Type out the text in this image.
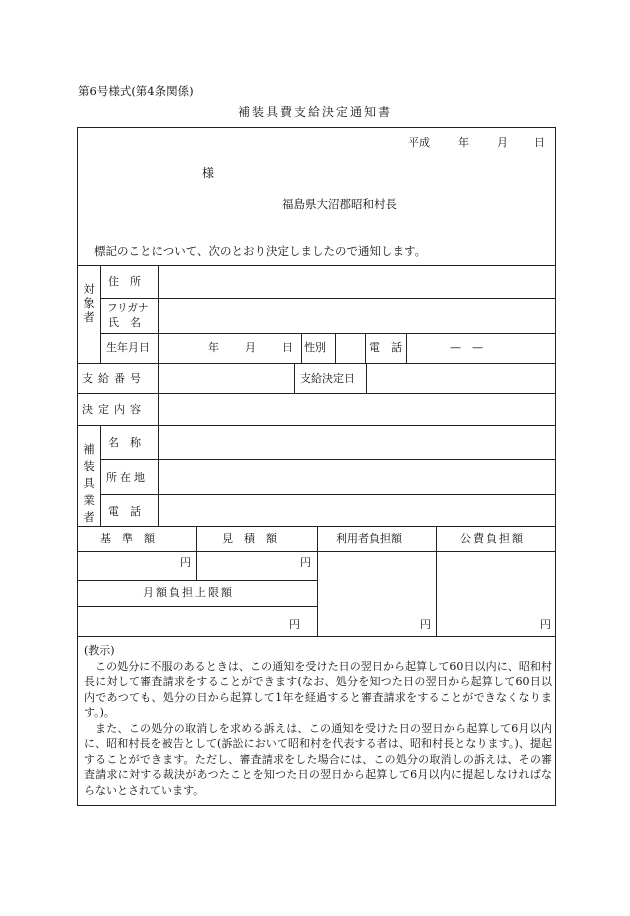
第6号様式(第4条関係)
補装具費支給決定通知書
平成	年	月 日
様
福島県大沼郡昭和村長
標記のことについて、次のとおり決定しましたので通知します。
対象者
住　所
フリガナ
氏　名
生年月日	年 月 日 性別	電　話	—　—
支給番号	支給決定日
決定内容
補装具業者
名　称
所在地
電　話
基　準　額	見　積　額	利用者負担額	公費負担額
円	円
月額負担上限額
円	円	円

(教示)

この処分に不服のあるときは、この通知を受けた日の翌日から起算して60日以内に、昭和村長に対して審査請求をすることができます(なお、処分を知つた日の翌日から起算して60日以内であつても、処分の日から起算して1年を経過すると審査請求をすることができなくなります。)。

また、この処分の取消しを求める訴えは、この通知を受けた日の翌日から起算して6月以内に、昭和村長を被告として(訴訟において昭和村を代表する者は、昭和村長となります。)、提起することができます。ただし、審査請求をした場合には、この処分の取消しの訴えは、その審査請求に対する裁決があつたことを知つた日の翌日から起算して6月以内に提起しなければならないとされています。
